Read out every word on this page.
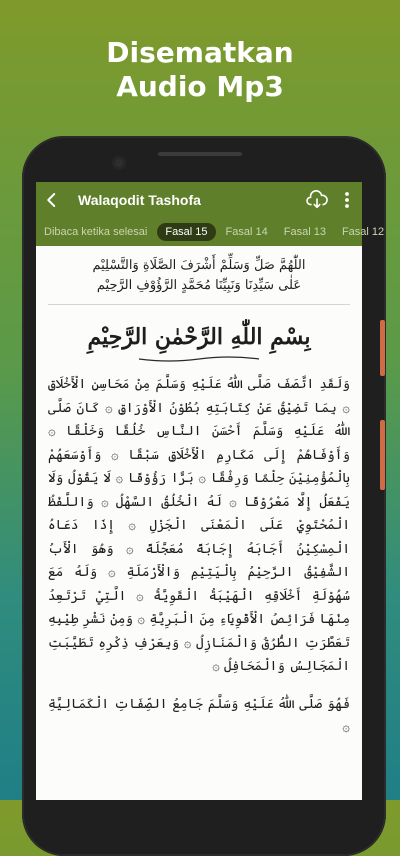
Disematkan
Audio Mp3
Walaqodit Tashofa
Dibaca ketika selesai	Fasal 15	Fasal 14	Fasal 13	Fasal 12
اللّٰهُمَّ صَلِّ وَسَلِّمْ أَشْرَفَ الصَّلَاةِ وَالتَّسْلِيْم
عَلٰى سَيِّدِنَا وَنَبِيِّنَا مُحَمَّدٍ الرَّؤُوْفِ الرَّحِيْم
بِسْمِ اللّٰهِ الرَّحْمٰنِ الرَّحِيْمِ

وَلَقَدِ اتَّصَفَ صَلَّى اللّٰهُ عَلَيْهِ وَسَلَّمَ مِنْ مَحَاسِنِ الْأَخْلَاقِ ۞ بِمَا تَضِيْقُ عَنْ كِتَابَتِهِ بُطُوْنُ الْأَوْرَاقِ ۞ كَانَ صَلَّى اللّٰهُ عَلَيْهِ وَسَلَّمَ أَحْسَنَ النَّاسِ خُلُقًا وَخَلْقًا ۞ وَأَوْفَاهُمْ إِلَى مَكَارِمِ الْأَخْلَاقِ سَبْقًا ۞ وَأَوْسَعَهُمْ بِالْمُؤْمِنِيْنَ حِلْمًا وَرِفْقًا ۞ بَرًّا رَؤُوْفًا ۞ لَا يَقُوْلُ وَلَا يَفْعَلُ إِلَّا مَعْرُوْفًا ۞ لَهُ الْخُلُقُ السَّهْلُ ۞ وَاللَّفْظُ الْمُحْتَوِيْ عَلَى الْمَعْنَى الْجَزْلِ ۞ إِذَا دَعَاهُ الْمِسْكِيْنُ أَجَابَهُ إِجَابَةً مُعَجَّلَةً ۞ وَهُوَ الْأَبُ الشَّفِيْقُ الرَّحِيْمُ بِالْيَتِيْمِ وَالْأَرْمَلَةِ ۞ وَلَهُ مَعَ سُهُوْلَةِ أَخْلَاقِهِ الْهَيْبَةُ الْقَوِيَّةُ ۞ الَّتِيْ تَرْتَعِدُ مِنْهَا فَرَائِصُ الْأَقْوِيَاءِ مِنَ الْبَرِيَّةِ ۞ وَمِنْ نَشْرِ طِيْبِهِ تَعَطَّرَتِ الطُّرُقُ وَالْمَنَازِلُ ۞ وَبِعَرْفِ ذِكْرِهِ تَطَيَّبَتِ الْمَجَالِسُ وَالْمَحَافِلُ ۞

فَهُوَ صَلَّى اللّٰهُ عَلَيْهِ وَسَلَّمَ جَامِعُ الصِّفَاتِ الْكَمَالِيَّةِ ۞
